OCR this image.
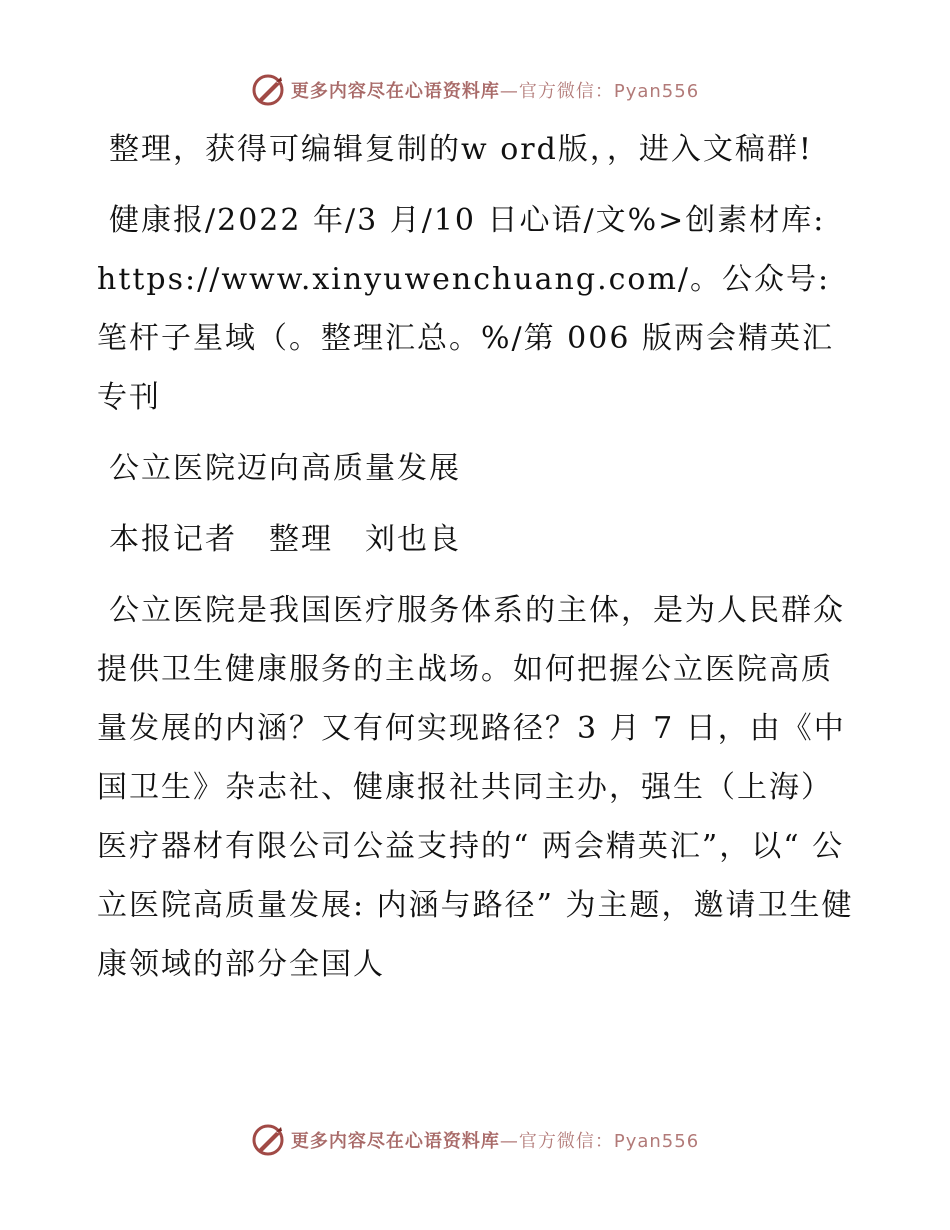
更多内容尽在心语资料库—官方微信：Pyan556

整理，获得可编辑复制的w ord版，，进入文稿群!

健康报/2022 年/3 月/10 日心语/文%>创素材库: https://www.xinyuwenchuang.com/。公众号: 笔杆子星域（。整理汇总。%/第 006 版两会精英汇专刊

公立医院迈向高质量发展

本报记者　整理　刘也良

公立医院是我国医疗服务体系的主体，是为人民群众提供卫生健康服务的主战场。如何把握公立医院高质量发展的内涵？又有何实现路径？3 月 7 日，由《中国卫生》杂志社、健康报社共同主办，强生（上海）医疗器材有限公司公益支持的“ 两会精英汇”，以“ 公立医院高质量发展: 内涵与路径” 为主题，邀请卫生健康领域的部分全国人

更多内容尽在心语资料库—官方微信：Pyan556
